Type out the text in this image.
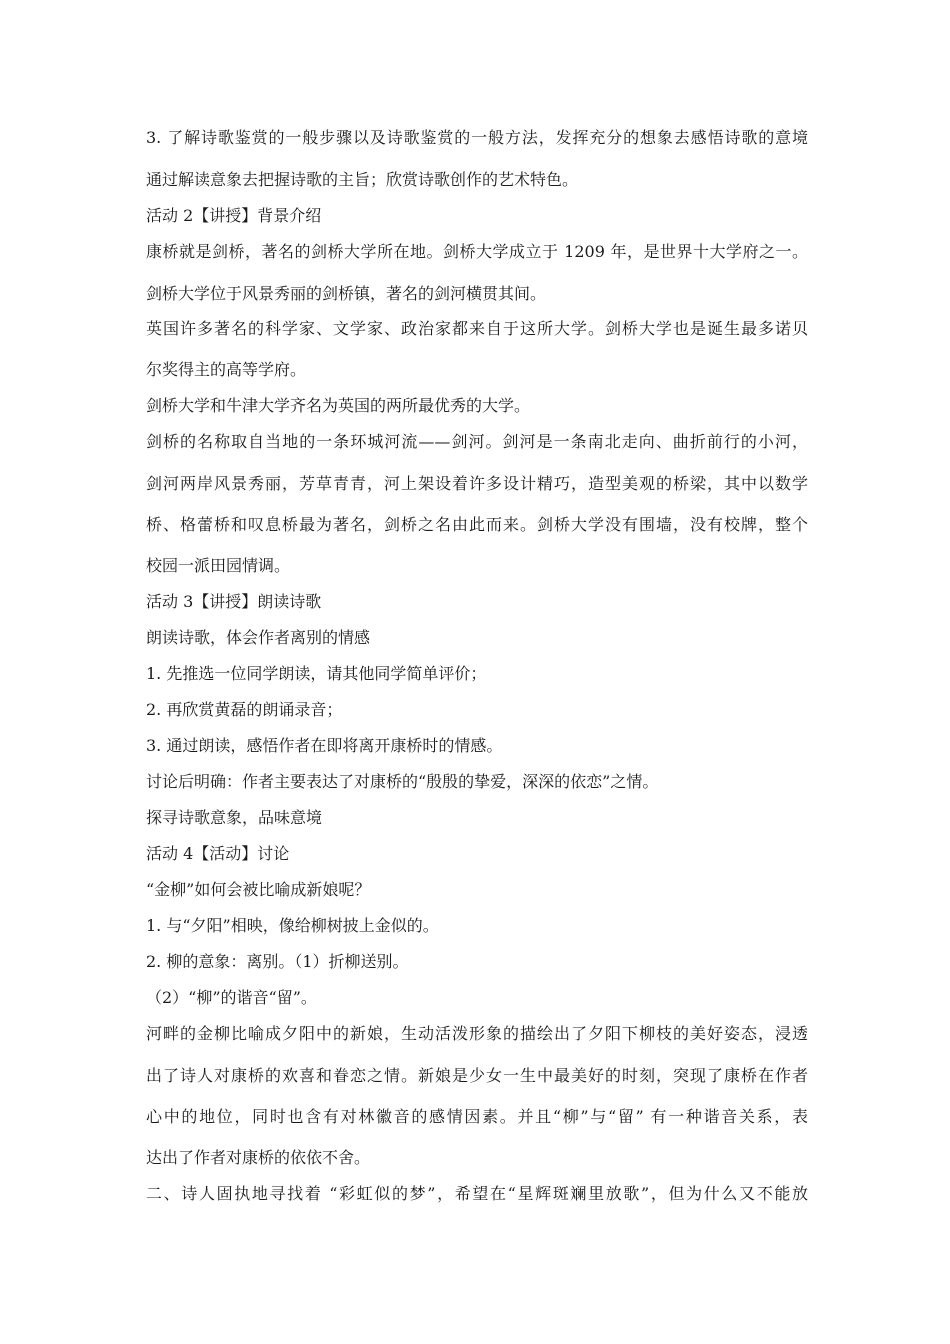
3. 了解诗歌鉴赏的一般步骤以及诗歌鉴赏的一般方法，发挥充分的想象去感悟诗歌的意境
通过解读意象去把握诗歌的主旨；欣赏诗歌创作的艺术特色。
活动 2【讲授】背景介绍
康桥就是剑桥，著名的剑桥大学所在地。剑桥大学成立于 1209 年，是世界十大学府之一。
剑桥大学位于风景秀丽的剑桥镇，著名的剑河横贯其间。
英国许多著名的科学家、文学家、政治家都来自于这所大学。剑桥大学也是诞生最多诺贝
尔奖得主的高等学府。
剑桥大学和牛津大学齐名为英国的两所最优秀的大学。
剑桥的名称取自当地的一条环城河流——剑河。剑河是一条南北走向、曲折前行的小河，
剑河两岸风景秀丽，芳草青青，河上架设着许多设计精巧，造型美观的桥梁，其中以数学
桥、格蕾桥和叹息桥最为著名，剑桥之名由此而来。剑桥大学没有围墙，没有校牌，整个
校园一派田园情调。
活动 3【讲授】朗读诗歌
朗读诗歌，体会作者离别的情感
1. 先推选一位同学朗读，请其他同学简单评价；
2. 再欣赏黄磊的朗诵录音；
3. 通过朗读，感悟作者在即将离开康桥时的情感。
讨论后明确：作者主要表达了对康桥的“殷殷的挚爱，深深的依恋”之情。
探寻诗歌意象，品味意境
活动 4【活动】讨论
“金柳”如何会被比喻成新娘呢？
1. 与“夕阳”相映，像给柳树披上金似的。
2. 柳的意象：离别。（1）折柳送别。
（2）“柳”的谐音“留”。
河畔的金柳比喻成夕阳中的新娘，生动活泼形象的描绘出了夕阳下柳枝的美好姿态，浸透
出了诗人对康桥的欢喜和眷恋之情。新娘是少女一生中最美好的时刻，突现了康桥在作者
心中的地位，同时也含有对林徽音的感情因素。并且“柳”与“留” 有一种谐音关系，表
达出了作者对康桥的依依不舍。
二、诗人固执地寻找着 “彩虹似的梦”，希望在“星辉斑斓里放歌”，但为什么又不能放
